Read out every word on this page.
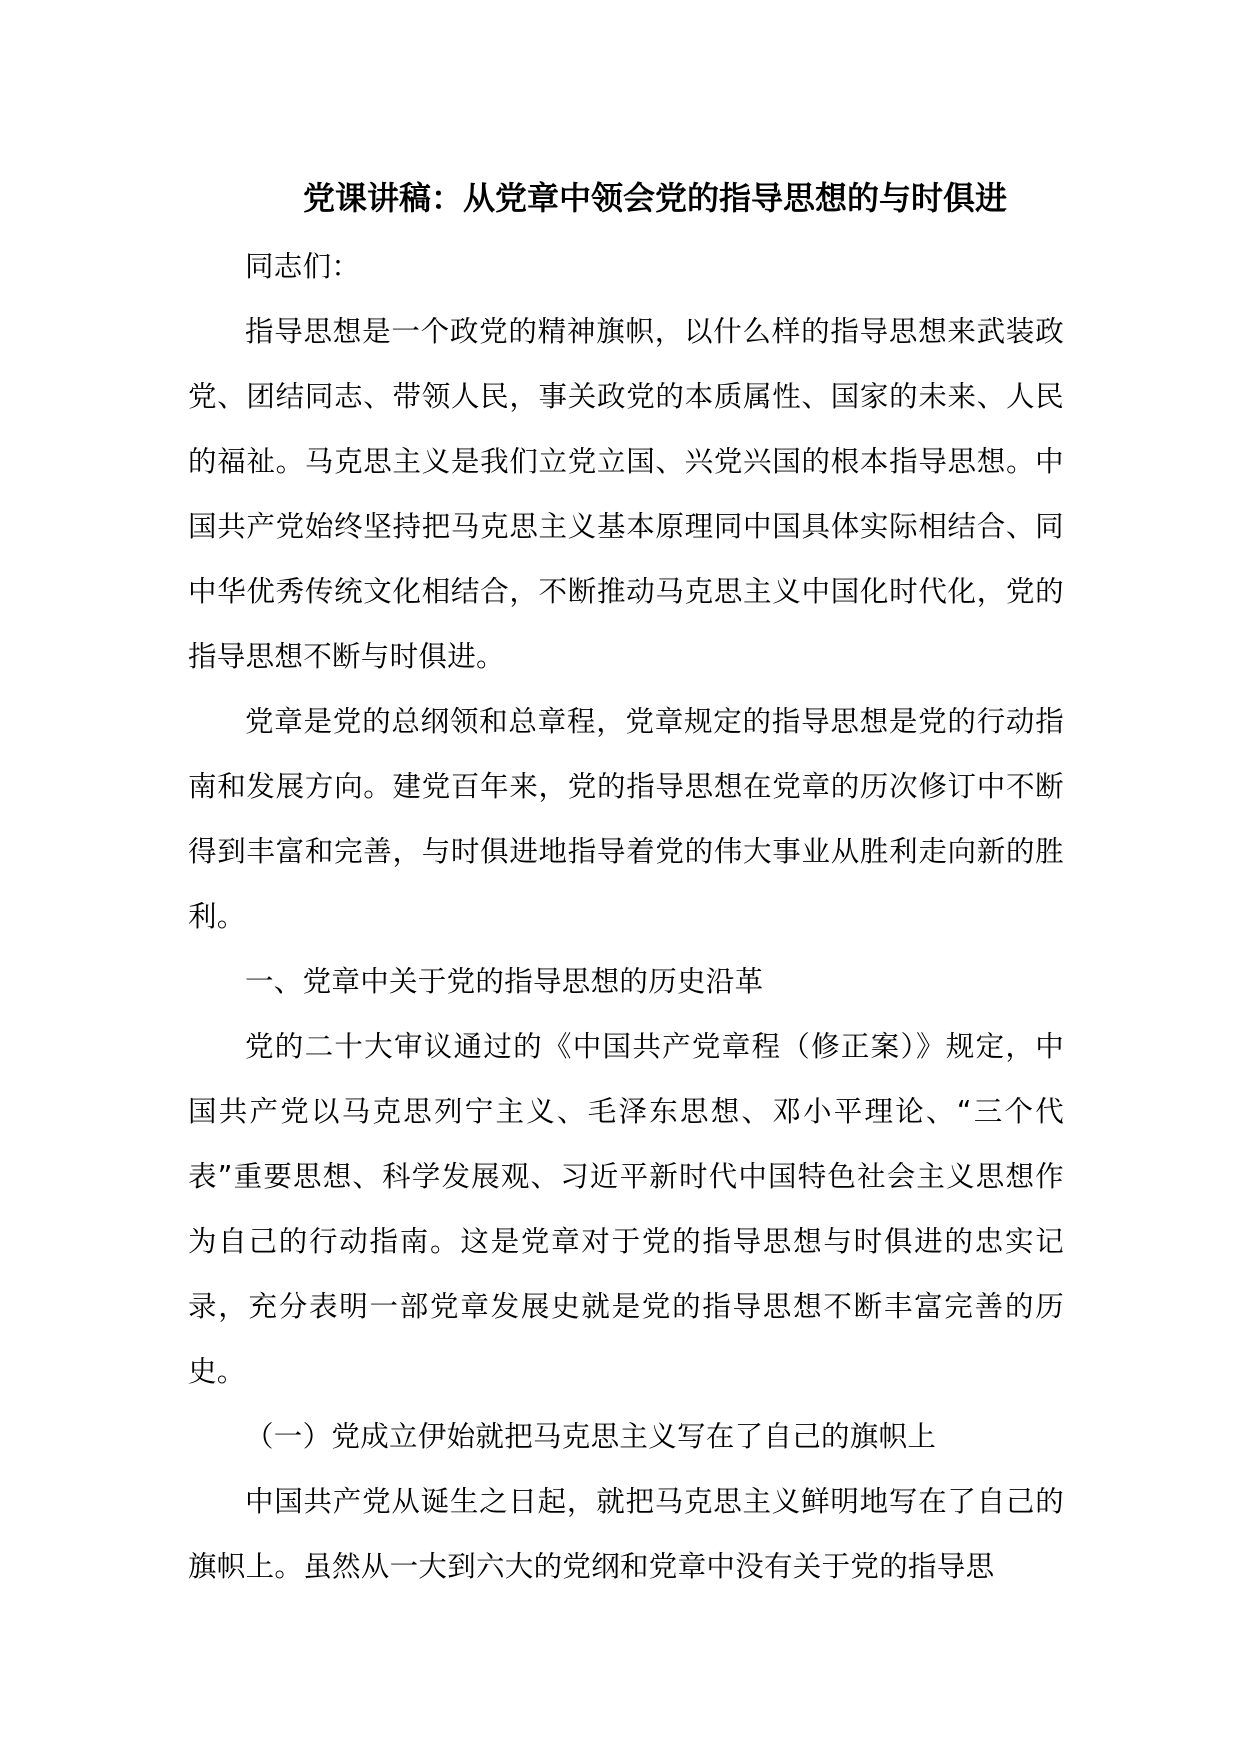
党课讲稿：从党章中领会党的指导思想的与时俱进

同志们：

指导思想是一个政党的精神旗帜，以什么样的指导思想来武装政党、团结同志、带领人民，事关政党的本质属性、国家的未来、人民的福祉。马克思主义是我们立党立国、兴党兴国的根本指导思想。中国共产党始终坚持把马克思主义基本原理同中国具体实际相结合、同中华优秀传统文化相结合，不断推动马克思主义中国化时代化，党的指导思想不断与时俱进。

党章是党的总纲领和总章程，党章规定的指导思想是党的行动指南和发展方向。建党百年来，党的指导思想在党章的历次修订中不断得到丰富和完善，与时俱进地指导着党的伟大事业从胜利走向新的胜利。

一、党章中关于党的指导思想的历史沿革

党的二十大审议通过的《中国共产党章程（修正案）》规定，中国共产党以马克思列宁主义、毛泽东思想、邓小平理论、“三个代表”重要思想、科学发展观、习近平新时代中国特色社会主义思想作为自己的行动指南。这是党章对于党的指导思想与时俱进的忠实记录，充分表明一部党章发展史就是党的指导思想不断丰富完善的历史。

（一）党成立伊始就把马克思主义写在了自己的旗帜上

中国共产党从诞生之日起，就把马克思主义鲜明地写在了自己的旗帜上。虽然从一大到六大的党纲和党章中没有关于党的指导思
